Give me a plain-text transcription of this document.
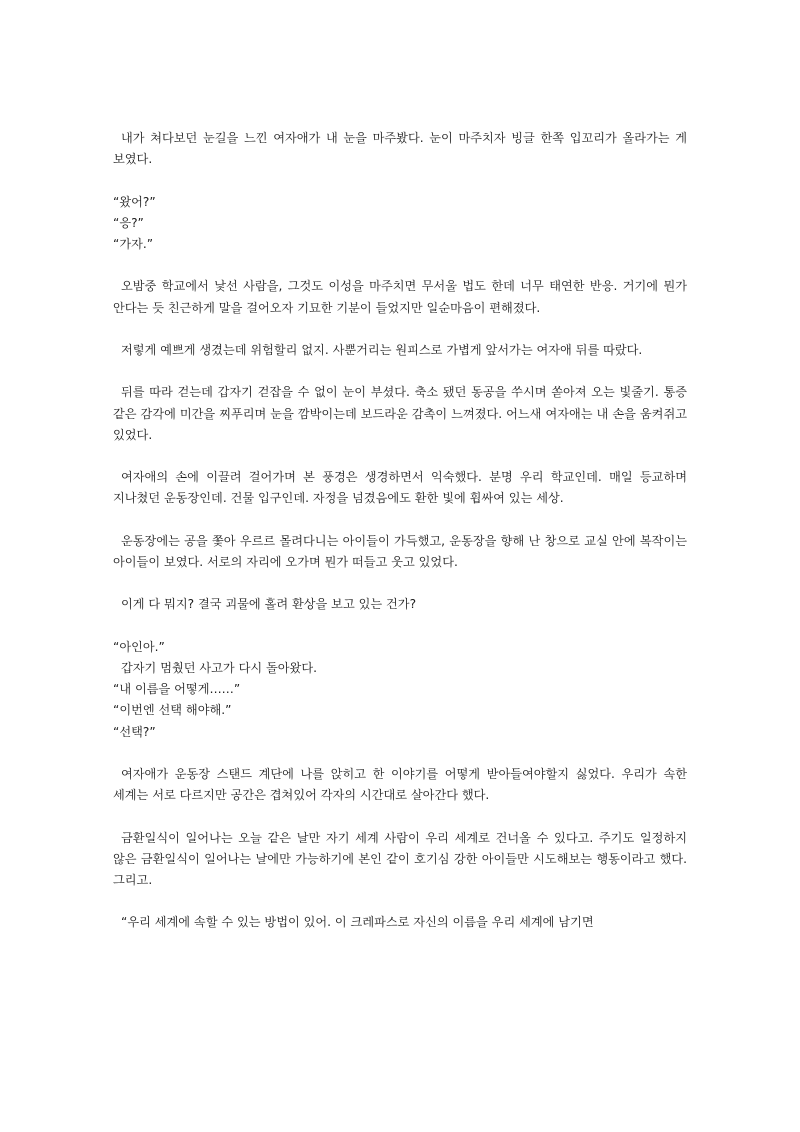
내가 쳐다보던 눈길을 느낀 여자애가 내 눈을 마주봤다. 눈이 마주치자 빙글 한쪽 입꼬리가 올라가는 게 보였다.

“왔어?”
“응?”
“가자.”

오밤중 학교에서 낯선 사람을, 그것도 이성을 마주치면 무서울 법도 한데 너무 태연한 반응. 거기에 뭔가 안다는 듯 친근하게 말을 걸어오자 기묘한 기분이 들었지만 일순마음이 편해졌다.

저렇게 예쁘게 생겼는데 위험할리 없지. 사뿐거리는 원피스로 가볍게 앞서가는 여자애 뒤를 따랐다.

뒤를 따라 걷는데 갑자기 걷잡을 수 없이 눈이 부셨다. 축소 됐던 동공을 쑤시며 쏟아져 오는 빛줄기. 통증 같은 감각에 미간을 찌푸리며 눈을 깜박이는데 보드라운 감촉이 느껴졌다. 어느새 여자애는 내 손을 움켜쥐고 있었다.

여자애의 손에 이끌려 걸어가며 본 풍경은 생경하면서 익숙했다. 분명 우리 학교인데. 매일 등교하며 지나쳤던 운동장인데. 건물 입구인데. 자정을 넘겼음에도 환한 빛에 휩싸여 있는 세상.

운동장에는 공을 쫓아 우르르 몰려다니는 아이들이 가득했고, 운동장을 향해 난 창으로 교실 안에 복작이는 아이들이 보였다. 서로의 자리에 오가며 뭔가 떠들고 웃고 있었다.

이게 다 뭐지? 결국 괴물에 홀려 환상을 보고 있는 건가?

“아인아.”
갑자기 멈췄던 사고가 다시 돌아왔다.
“내 이름을 어떻게……”
“이번엔 선택 해야해.”
“선택?”

여자애가 운동장 스탠드 계단에 나를 앉히고 한 이야기를 어떻게 받아들여야할지 싫었다. 우리가 속한 세계는 서로 다르지만 공간은 겹쳐있어 각자의 시간대로 살아간다 했다.

금환일식이 일어나는 오늘 같은 날만 자기 세계 사람이 우리 세계로 건너올 수 있다고. 주기도 일정하지 않은 금환일식이 일어나는 날에만 가능하기에 본인 같이 호기심 강한 아이들만 시도해보는 행동이라고 했다. 그리고.

“우리 세계에 속할 수 있는 방법이 있어. 이 크레파스로 자신의 이름을 우리 세계에 남기면
